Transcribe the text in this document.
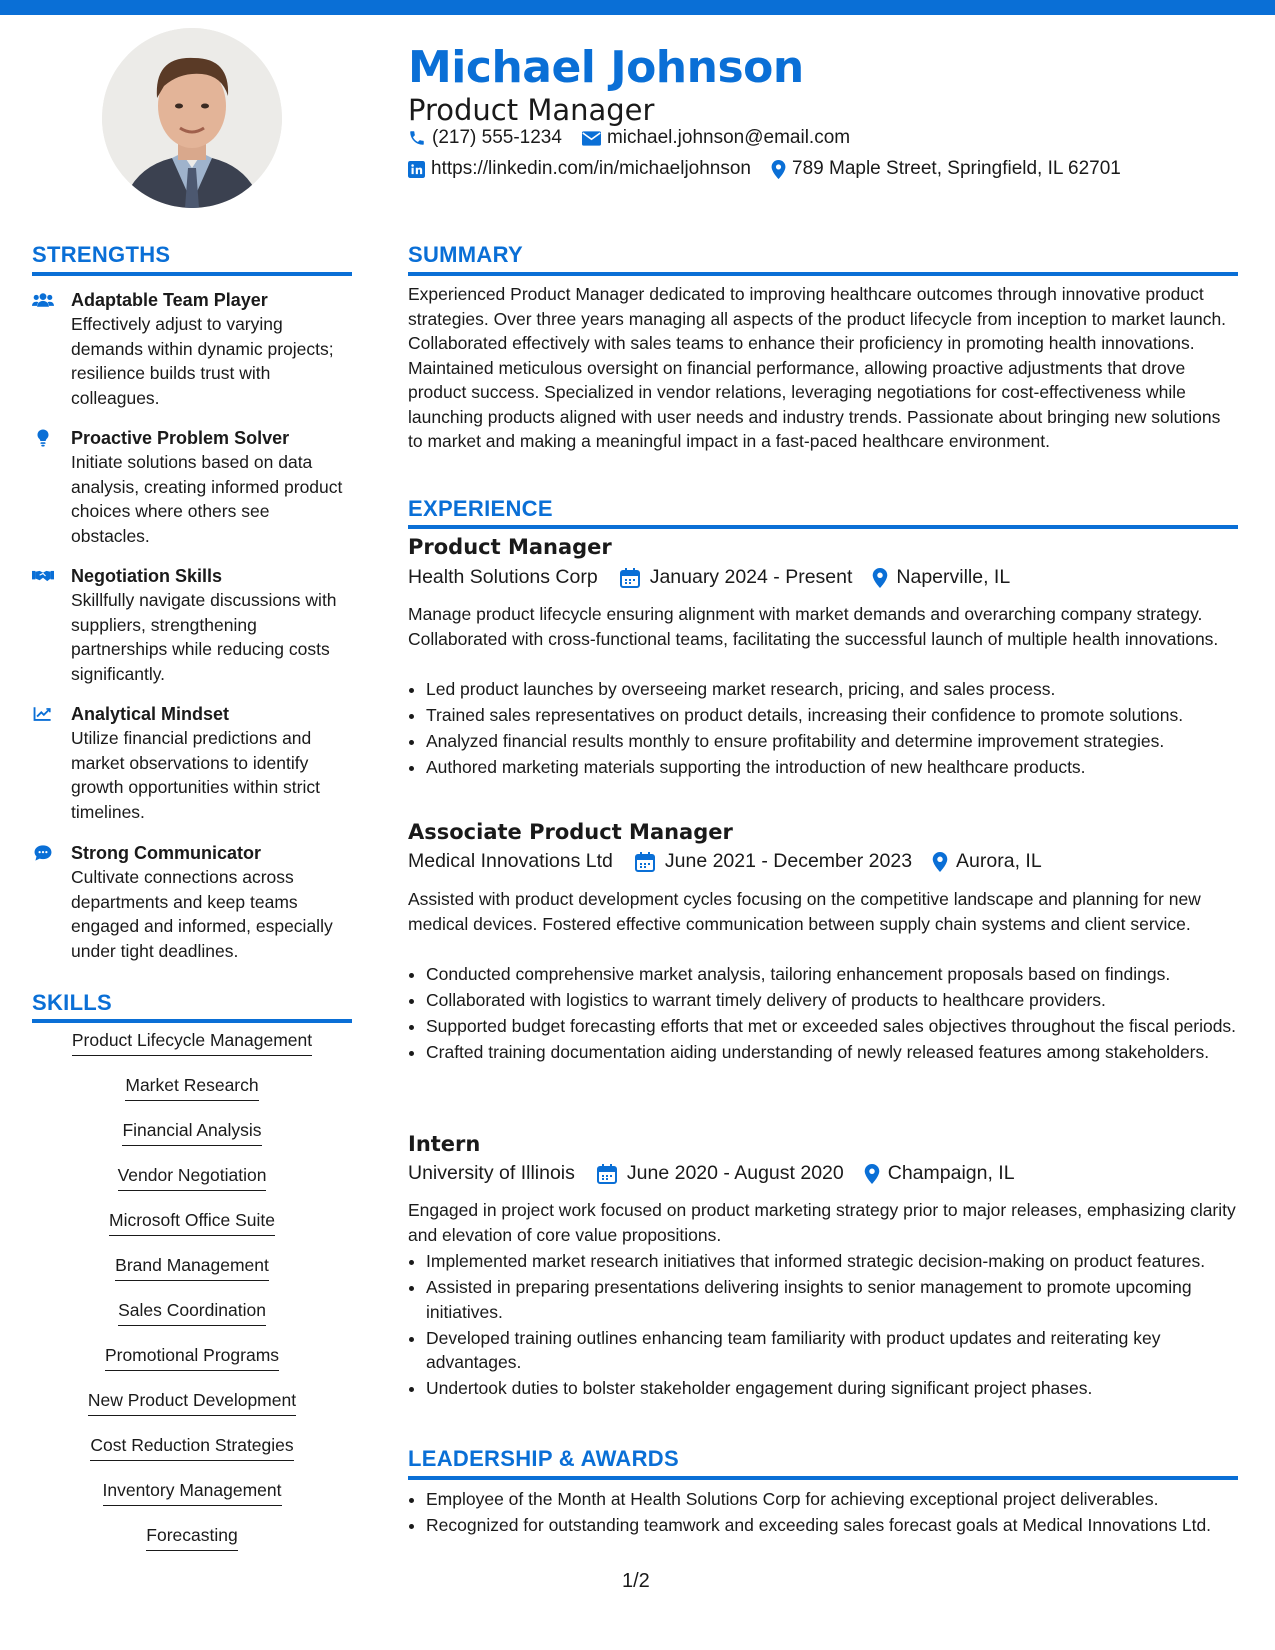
Michael Johnson
Product Manager
(217) 555-1234 michael.johnson@email.com
https://linkedin.com/in/michaeljohnson 789 Maple Street, Springfield, IL 62701
STRENGTHS
Adaptable Team Player
Effectively adjust to varying demands within dynamic projects; resilience builds trust with colleagues.
Proactive Problem Solver
Initiate solutions based on data analysis, creating informed product choices where others see obstacles.
Negotiation Skills
Skillfully navigate discussions with suppliers, strengthening partnerships while reducing costs significantly.
Analytical Mindset
Utilize financial predictions and market observations to identify growth opportunities within strict timelines.
Strong Communicator
Cultivate connections across departments and keep teams engaged and informed, especially under tight deadlines.
SKILLS
Product Lifecycle Management
Market Research
Financial Analysis
Vendor Negotiation
Microsoft Office Suite
Brand Management
Sales Coordination
Promotional Programs
New Product Development
Cost Reduction Strategies
Inventory Management
Forecasting
SUMMARY
Experienced Product Manager dedicated to improving healthcare outcomes through innovative product strategies. Over three years managing all aspects of the product lifecycle from inception to market launch. Collaborated effectively with sales teams to enhance their proficiency in promoting health innovations. Maintained meticulous oversight on financial performance, allowing proactive adjustments that drove product success. Specialized in vendor relations, leveraging negotiations for cost-effectiveness while launching products aligned with user needs and industry trends. Passionate about bringing new solutions to market and making a meaningful impact in a fast-paced healthcare environment.
EXPERIENCE
Product Manager
Health Solutions Corp	January 2024 - Present Naperville, IL
Manage product lifecycle ensuring alignment with market demands and overarching company strategy. Collaborated with cross-functional teams, facilitating the successful launch of multiple health innovations.
• Led product launches by overseeing market research, pricing, and sales process.
• Trained sales representatives on product details, increasing their confidence to promote solutions.
• Analyzed financial results monthly to ensure profitability and determine improvement strategies.
• Authored marketing materials supporting the introduction of new healthcare products.
Associate Product Manager
Medical Innovations Ltd	June 2021 - December 2023 Aurora, IL
Assisted with product development cycles focusing on the competitive landscape and planning for new medical devices. Fostered effective communication between supply chain systems and client service.
• Conducted comprehensive market analysis, tailoring enhancement proposals based on findings.
• Collaborated with logistics to warrant timely delivery of products to healthcare providers.
• Supported budget forecasting efforts that met or exceeded sales objectives throughout the fiscal periods.
• Crafted training documentation aiding understanding of newly released features among stakeholders.
Intern
University of Illinois	June 2020 - August 2020 Champaign, IL
Engaged in project work focused on product marketing strategy prior to major releases, emphasizing clarity and elevation of core value propositions.
• Implemented market research initiatives that informed strategic decision-making on product features.
• Assisted in preparing presentations delivering insights to senior management to promote upcoming initiatives.
• Developed training outlines enhancing team familiarity with product updates and reiterating key advantages.
• Undertook duties to bolster stakeholder engagement during significant project phases.
LEADERSHIP & AWARDS
• Employee of the Month at Health Solutions Corp for achieving exceptional project deliverables.
• Recognized for outstanding teamwork and exceeding sales forecast goals at Medical Innovations Ltd.
1/2
